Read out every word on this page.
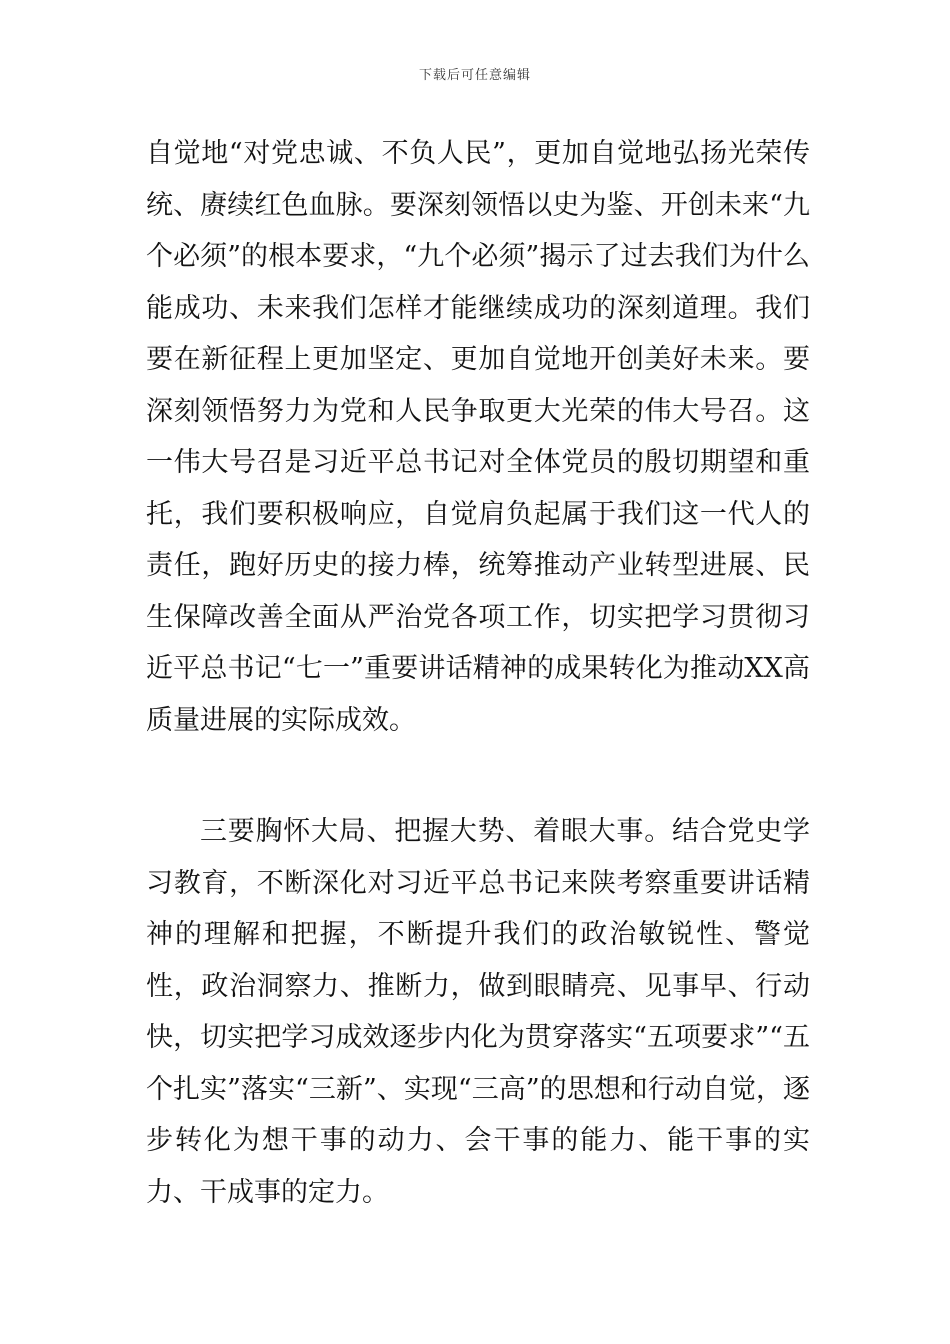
下载后可任意编辑

自觉地“对党忠诚、不负人民”，更加自觉地弘扬光荣传统、赓续红色血脉。要深刻领悟以史为鉴、开创未来“九个必须”的根本要求，“九个必须”揭示了过去我们为什么能成功、未来我们怎样才能继续成功的深刻道理。我们要在新征程上更加坚定、更加自觉地开创美好未来。要深刻领悟努力为党和人民争取更大光荣的伟大号召。这一伟大号召是习近平总书记对全体党员的殷切期望和重托，我们要积极响应，自觉肩负起属于我们这一代人的责任，跑好历史的接力棒，统筹推动产业转型进展、民生保障改善全面从严治党各项工作，切实把学习贯彻习近平总书记“七一”重要讲话精神的成果转化为推动XX高质量进展的实际成效。

三要胸怀大局、把握大势、着眼大事。结合党史学习教育，不断深化对习近平总书记来陕考察重要讲话精神的理解和把握，不断提升我们的政治敏锐性、警觉性，政治洞察力、推断力，做到眼睛亮、见事早、行动快，切实把学习成效逐步内化为贯穿落实“五项要求”“五个扎实”落实“三新”、实现“三高”的思想和行动自觉，逐步转化为想干事的动力、会干事的能力、能干事的实力、干成事的定力。
